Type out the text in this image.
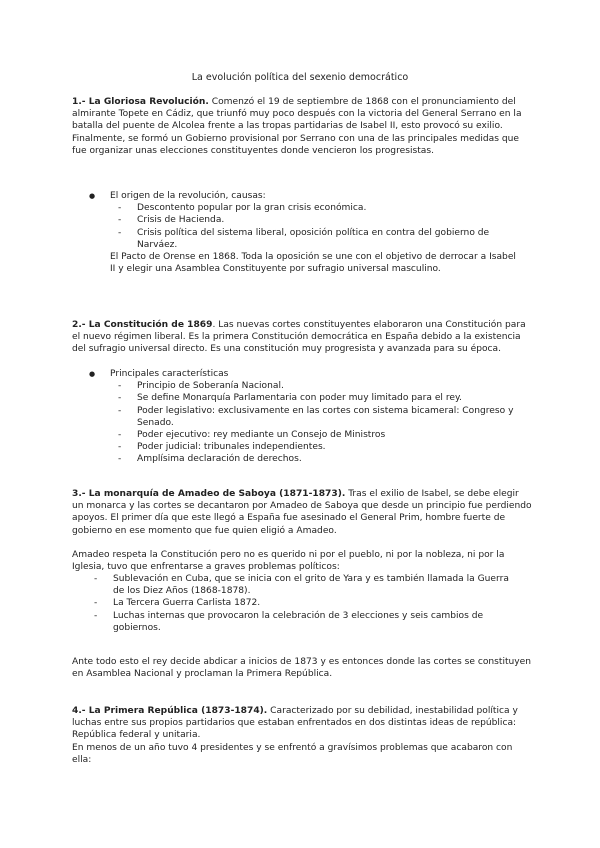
La evolución política del sexenio democrático

1.- La Gloriosa Revolución. Comenzó el 19 de septiembre de 1868 con el pronunciamiento del almirante Topete en Cádiz, que triunfó muy poco después con la victoria del General Serrano en la batalla del puente de Alcolea frente a las tropas partidarias de Isabel II, esto provocó su exilio. Finalmente, se formó un Gobierno provisional por Serrano con una de las principales medidas que fue organizar unas elecciones constituyentes donde vencieron los progresistas.

● El origen de la revolución, causas:
- Descontento popular por la gran crisis económica.
- Crisis de Hacienda.
- Crisis política del sistema liberal, oposición política en contra del gobierno de Narváez.

El Pacto de Orense en 1868. Toda la oposición se une con el objetivo de derrocar a Isabel II y elegir una Asamblea Constituyente por sufragio universal masculino.

2.- La Constitución de 1869. Las nuevas cortes constituyentes elaboraron una Constitución para el nuevo régimen liberal. Es la primera Constitución democrática en España debido a la existencia del sufragio universal directo. Es una constitución muy progresista y avanzada para su época.

● Principales características
- Principio de Soberanía Nacional.
- Se define Monarquía Parlamentaria con poder muy limitado para el rey.
- Poder legislativo: exclusivamente en las cortes con sistema bicameral: Congreso y Senado.
- Poder ejecutivo: rey mediante un Consejo de Ministros
- Poder judicial: tribunales independientes.
- Amplísima declaración de derechos.

3.- La monarquía de Amadeo de Saboya (1871-1873). Tras el exilio de Isabel, se debe elegir un monarca y las cortes se decantaron por Amadeo de Saboya que desde un principio fue perdiendo apoyos. El primer día que este llegó a España fue asesinado el General Prim, hombre fuerte de gobierno en ese momento que fue quien eligió a Amadeo.

Amadeo respeta la Constitución pero no es querido ni por el pueblo, ni por la nobleza, ni por la Iglesia, tuvo que enfrentarse a graves problemas políticos:

- Sublevación en Cuba, que se inicia con el grito de Yara y es también llamada la Guerra de los Diez Años (1868-1878).
- La Tercera Guerra Carlista 1872.
- Luchas internas que provocaron la celebración de 3 elecciones y seis cambios de gobiernos.

Ante todo esto el rey decide abdicar a inicios de 1873 y es entonces donde las cortes se constituyen en Asamblea Nacional y proclaman la Primera República.

4.- La Primera República (1873-1874). Caracterizado por su debilidad, inestabilidad política y luchas entre sus propios partidarios que estaban enfrentados en dos distintas ideas de república: República federal y unitaria.

En menos de un año tuvo 4 presidentes y se enfrentó a gravísimos problemas que acabaron con ella:
